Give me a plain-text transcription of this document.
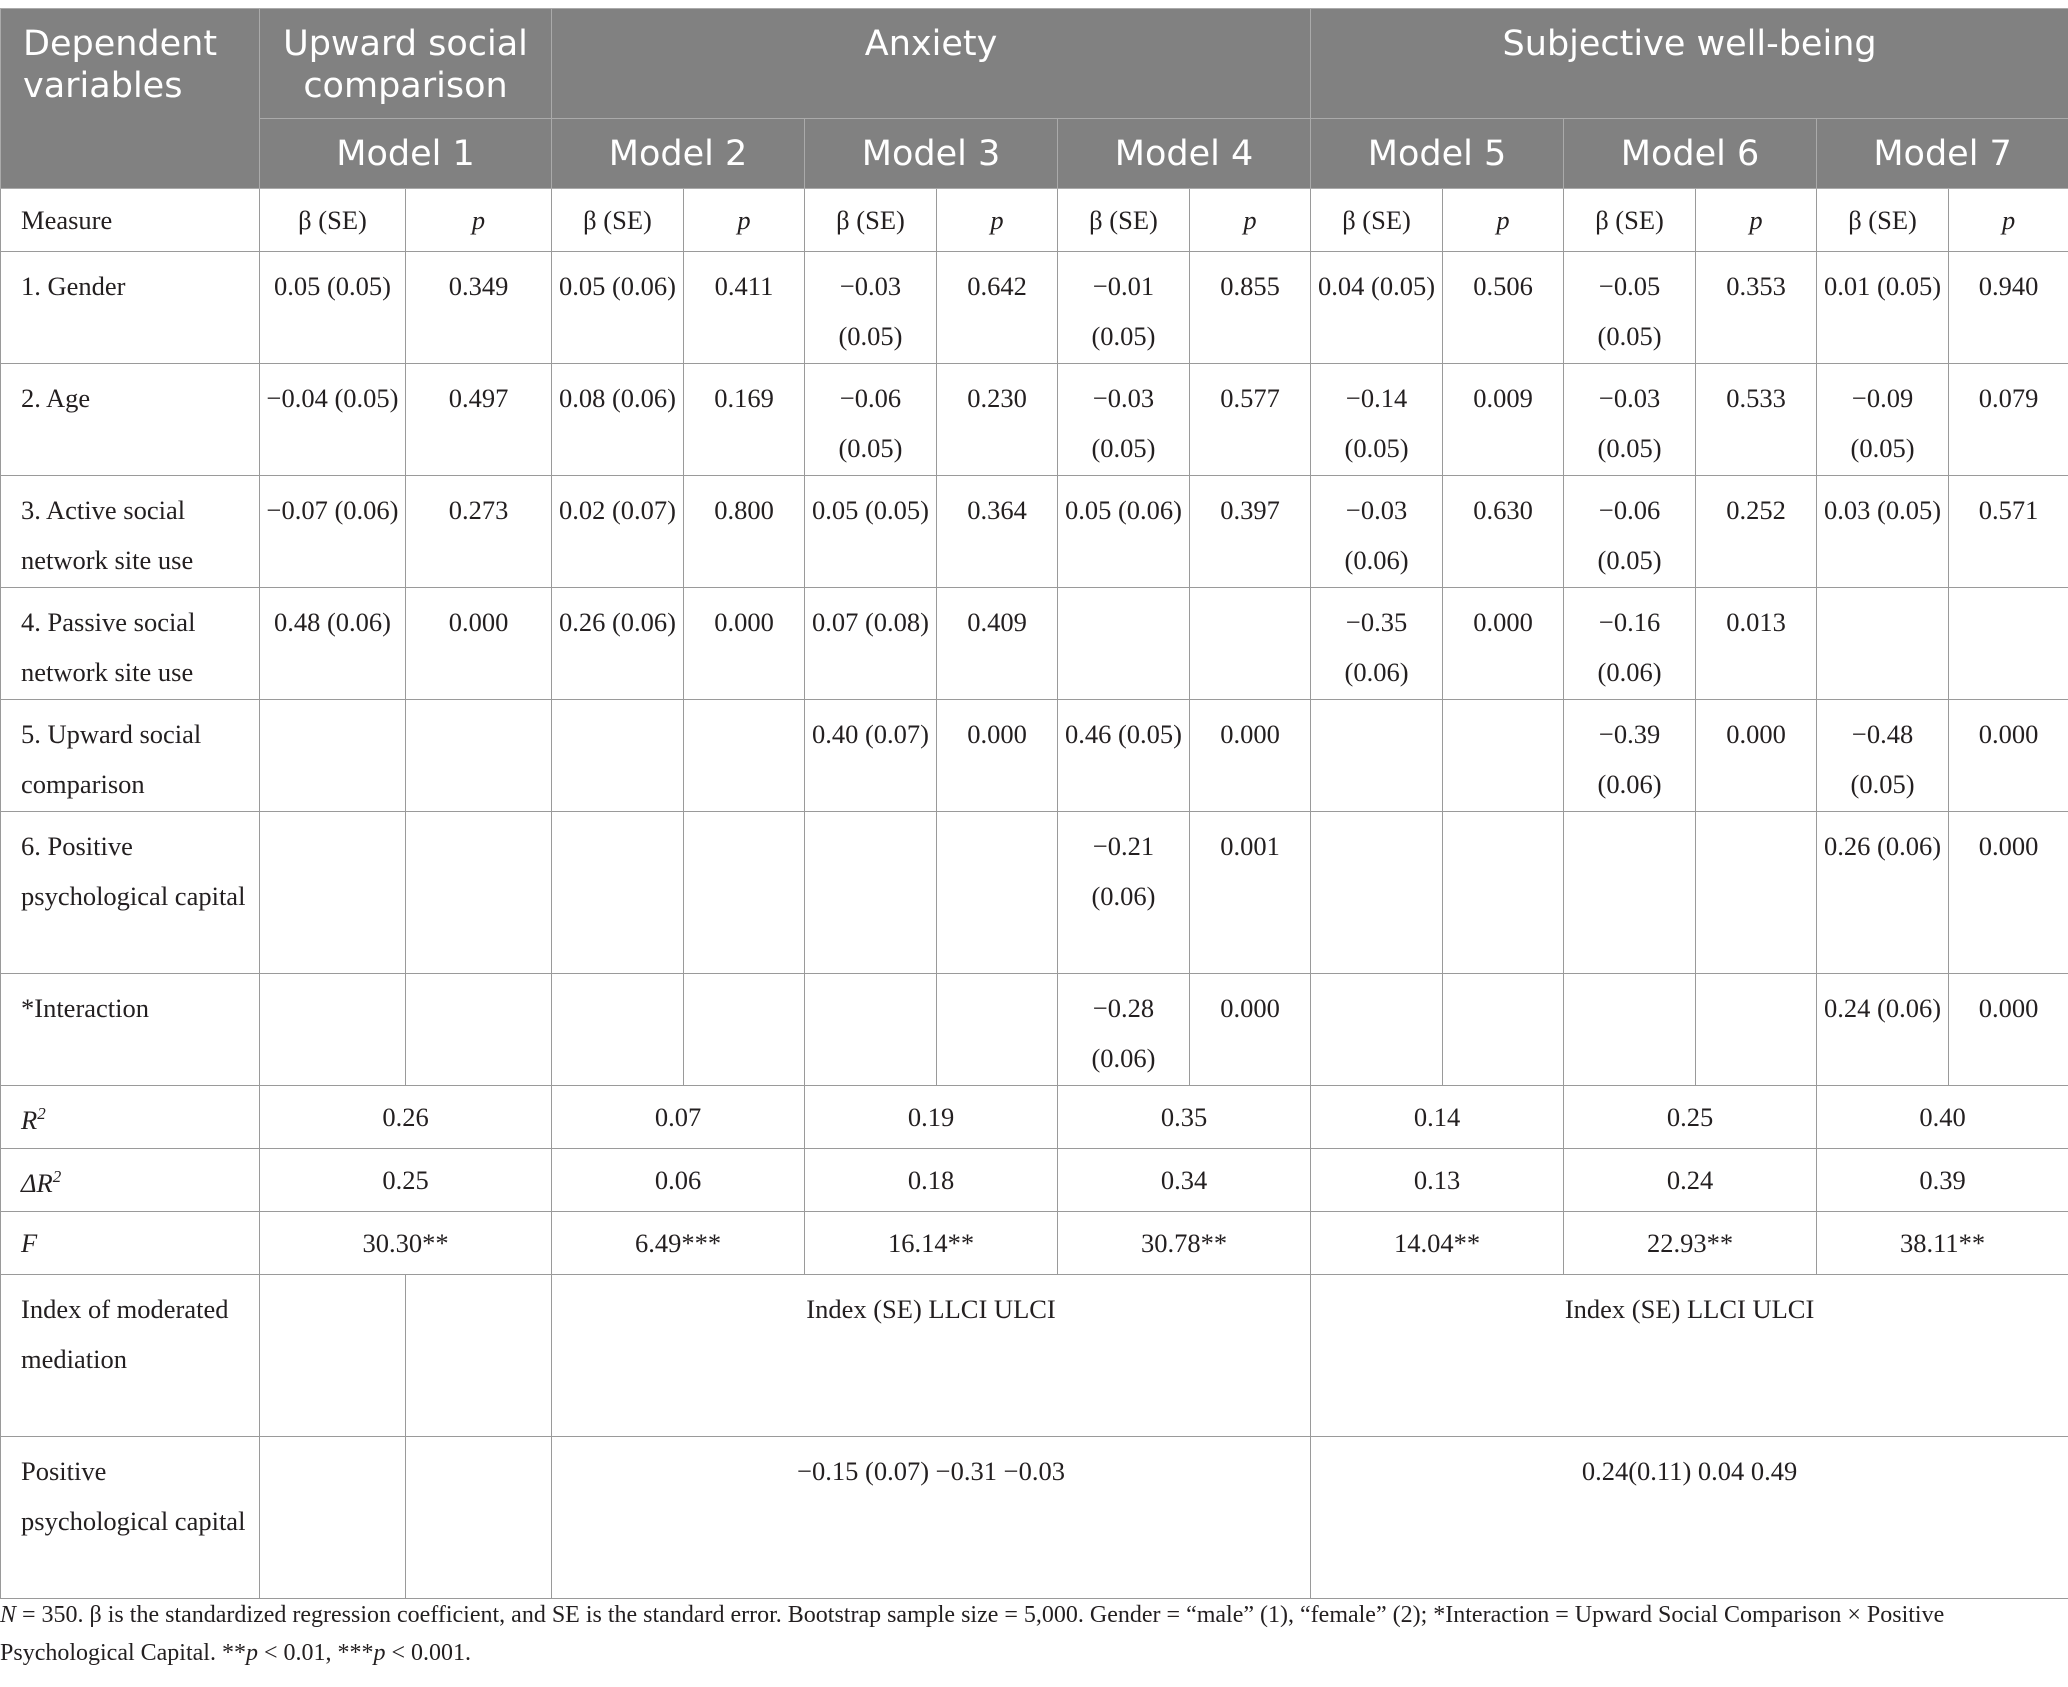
Dependent variables	Upward social comparison		Anxiety						Subjective well-being					
	Model 1		Model 2		Model 3		Model 4		Model 5		Model 6		Model 7	
Measure	β (SE)	p	β (SE)	p	β (SE)	p	β (SE)	p	β (SE)	p	β (SE)	p	β (SE)	p
1. Gender	0.05 (0.05)	0.349	0.05 (0.06)	0.411	−0.03 (0.05)	0.642	−0.01 (0.05)	0.855	0.04 (0.05)	0.506	−0.05 (0.05)	0.353	0.01 (0.05)	0.940
2. Age	−0.04 (0.05)	0.497	0.08 (0.06)	0.169	−0.06 (0.05)	0.230	−0.03 (0.05)	0.577	−0.14 (0.05)	0.009	−0.03 (0.05)	0.533	−0.09 (0.05)	0.079
3. Active social network site use	−0.07 (0.06)	0.273	0.02 (0.07)	0.800	0.05 (0.05)	0.364	0.05 (0.06)	0.397	−0.03 (0.06)	0.630	−0.06 (0.05)	0.252	0.03 (0.05)	0.571
4. Passive social network site use	0.48 (0.06)	0.000	0.26 (0.06)	0.000	0.07 (0.08)	0.409			−0.35 (0.06)	0.000	−0.16 (0.06)	0.013		
5. Upward social comparison					0.40 (0.07)	0.000	0.46 (0.05)	0.000			−0.39 (0.06)	0.000	−0.48 (0.05)	0.000
6. Positive psychological capital							−0.21 (0.06)	0.001					0.26 (0.06)	0.000
*Interaction							−0.28 (0.06)	0.000					0.24 (0.06)	0.000
$R^2$	0.26		0.07		0.19		0.35		0.14		0.25		0.40	
$\Delta R^2$	0.25		0.06		0.18		0.34		0.13		0.24		0.39	
F	30.30**		6.49***		16.14**		30.78**		14.04**		22.93**		38.11**	
Index of moderated mediation			Index (SE) LLCI ULCI						Index (SE) LLCI ULCI					
Positive psychological capital			−0.15 (0.07) −0.31 −0.03						0.24(0.11) 0.04 0.49					
N = 350. β is the standardized regression coefficient, and SE is the standard error. Bootstrap sample size = 5,000. Gender = “male” (1), “female” (2); *Interaction = Upward Social Comparison × Positive Psychological Capital. **p < 0.01, ***p < 0.001.
